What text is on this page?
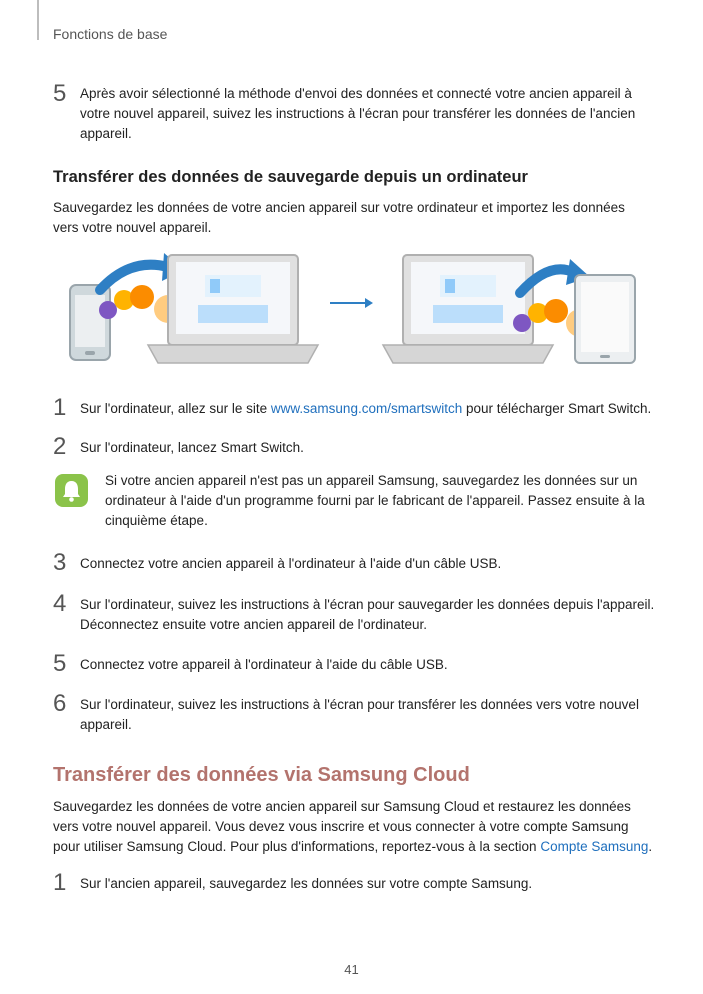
Fonctions de base
5	Après avoir sélectionné la méthode d'envoi des données et connecté votre ancien appareil à votre nouvel appareil, suivez les instructions à l'écran pour transférer les données de l'ancien appareil.
Transférer des données de sauvegarde depuis un ordinateur
Sauvegardez les données de votre ancien appareil sur votre ordinateur et importez les données vers votre nouvel appareil.
1	Sur l'ordinateur, allez sur le site www.samsung.com/smartswitch pour télécharger Smart Switch.
2	Sur l'ordinateur, lancez Smart Switch.
Si votre ancien appareil n'est pas un appareil Samsung, sauvegardez les données sur un ordinateur à l'aide d'un programme fourni par le fabricant de l'appareil. Passez ensuite à la cinquième étape.
3	Connectez votre ancien appareil à l'ordinateur à l'aide d'un câble USB.
4	Sur l'ordinateur, suivez les instructions à l'écran pour sauvegarder les données depuis l'appareil. Déconnectez ensuite votre ancien appareil de l'ordinateur.
5	Connectez votre appareil à l'ordinateur à l'aide du câble USB.
6	Sur l'ordinateur, suivez les instructions à l'écran pour transférer les données vers votre nouvel appareil.
Transférer des données via Samsung Cloud
Sauvegardez les données de votre ancien appareil sur Samsung Cloud et restaurez les données vers votre nouvel appareil. Vous devez vous inscrire et vous connecter à votre compte Samsung pour utiliser Samsung Cloud. Pour plus d'informations, reportez-vous à la section Compte Samsung.
1	Sur l'ancien appareil, sauvegardez les données sur votre compte Samsung.
41
